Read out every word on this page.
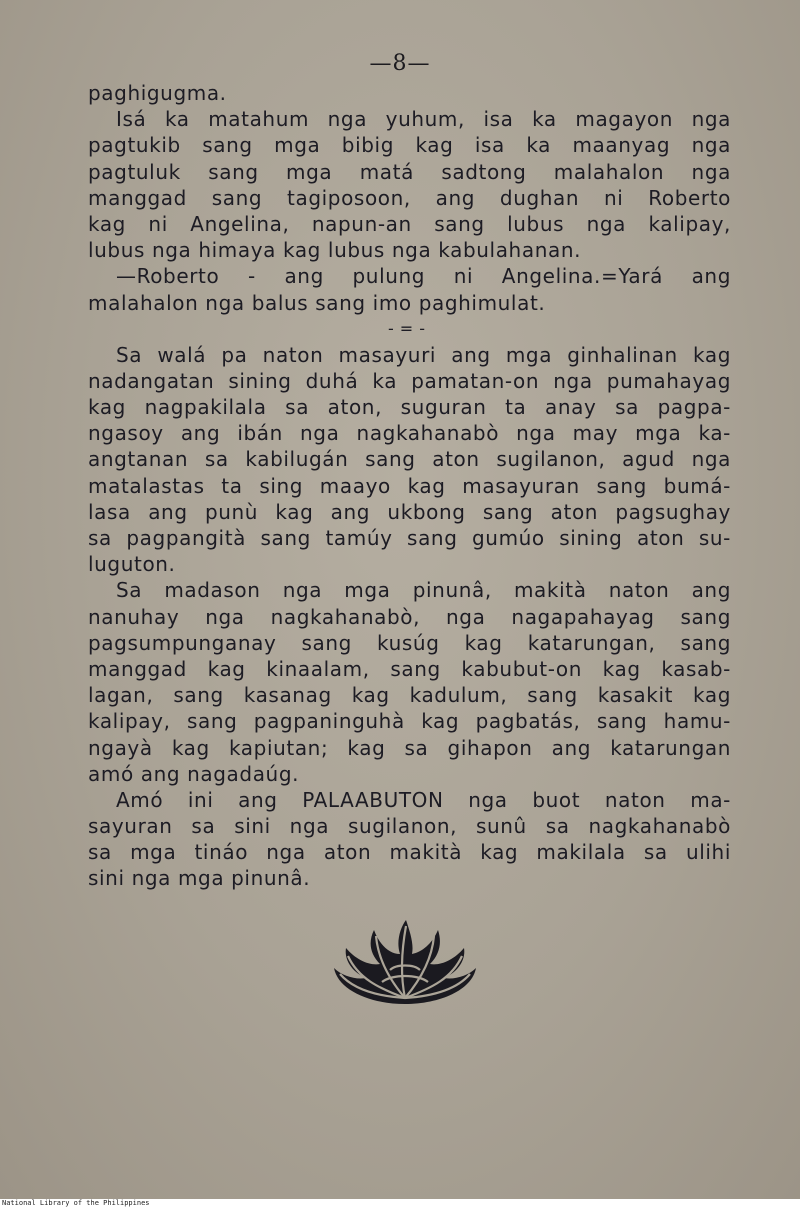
—8—
paghigugma.
Isá ka matahum nga yuhum, isa ka magayon nga
pagtukib sang mga bibig kag isa ka maanyag nga
pagtuluk sang mga matá sadtong malahalon nga
manggad sang tagiposoon, ang dughan ni Roberto
kag ni Angelina, napun-an sang lubus nga kalipay,
lubus nga himaya kag lubus nga kabulahanan.
—Roberto - ang pulung ni Angelina.=Yará ang
malahalon nga balus sang imo paghimulat.
-=-
Sa walá pa naton masayuri ang mga ginhalinan kag
nadangatan sining duhá ka pamatan-on nga pumahayag
kag nagpakilala sa aton, suguran ta anay sa pagpa-
ngasoy ang ibán nga nagkahanabò nga may mga ka-
angtanan sa kabilugán sang aton sugilanon, agud nga
matalastas ta sing maayo kag masayuran sang bumá-
lasa ang punù kag ang ukbong sang aton pagsughay
sa pagpangità sang tamúy sang gumúo sining aton su-
luguton.
Sa madason nga mga pinunâ, makità naton ang
nanuhay nga nagkahanabò, nga nagapahayag sang
pagsumpunganay sang kusúg kag katarungan, sang
manggad kag kinaalam, sang kabubut-on kag kasab-
lagan, sang kasanag kag kadulum, sang kasakit kag
kalipay, sang pagpaninguhà kag pagbatás, sang hamu-
ngayà kag kapiutan; kag sa gihapon ang katarungan
amó ang nagadaúg.
Amó ini ang PALAABUTON nga buot naton ma-
sayuran sa sini nga sugilanon, sunû sa nagkahanabò
sa mga tináo nga aton makità kag makilala sa ulihi
sini nga mga pinunâ.
National Library of the Philippines
